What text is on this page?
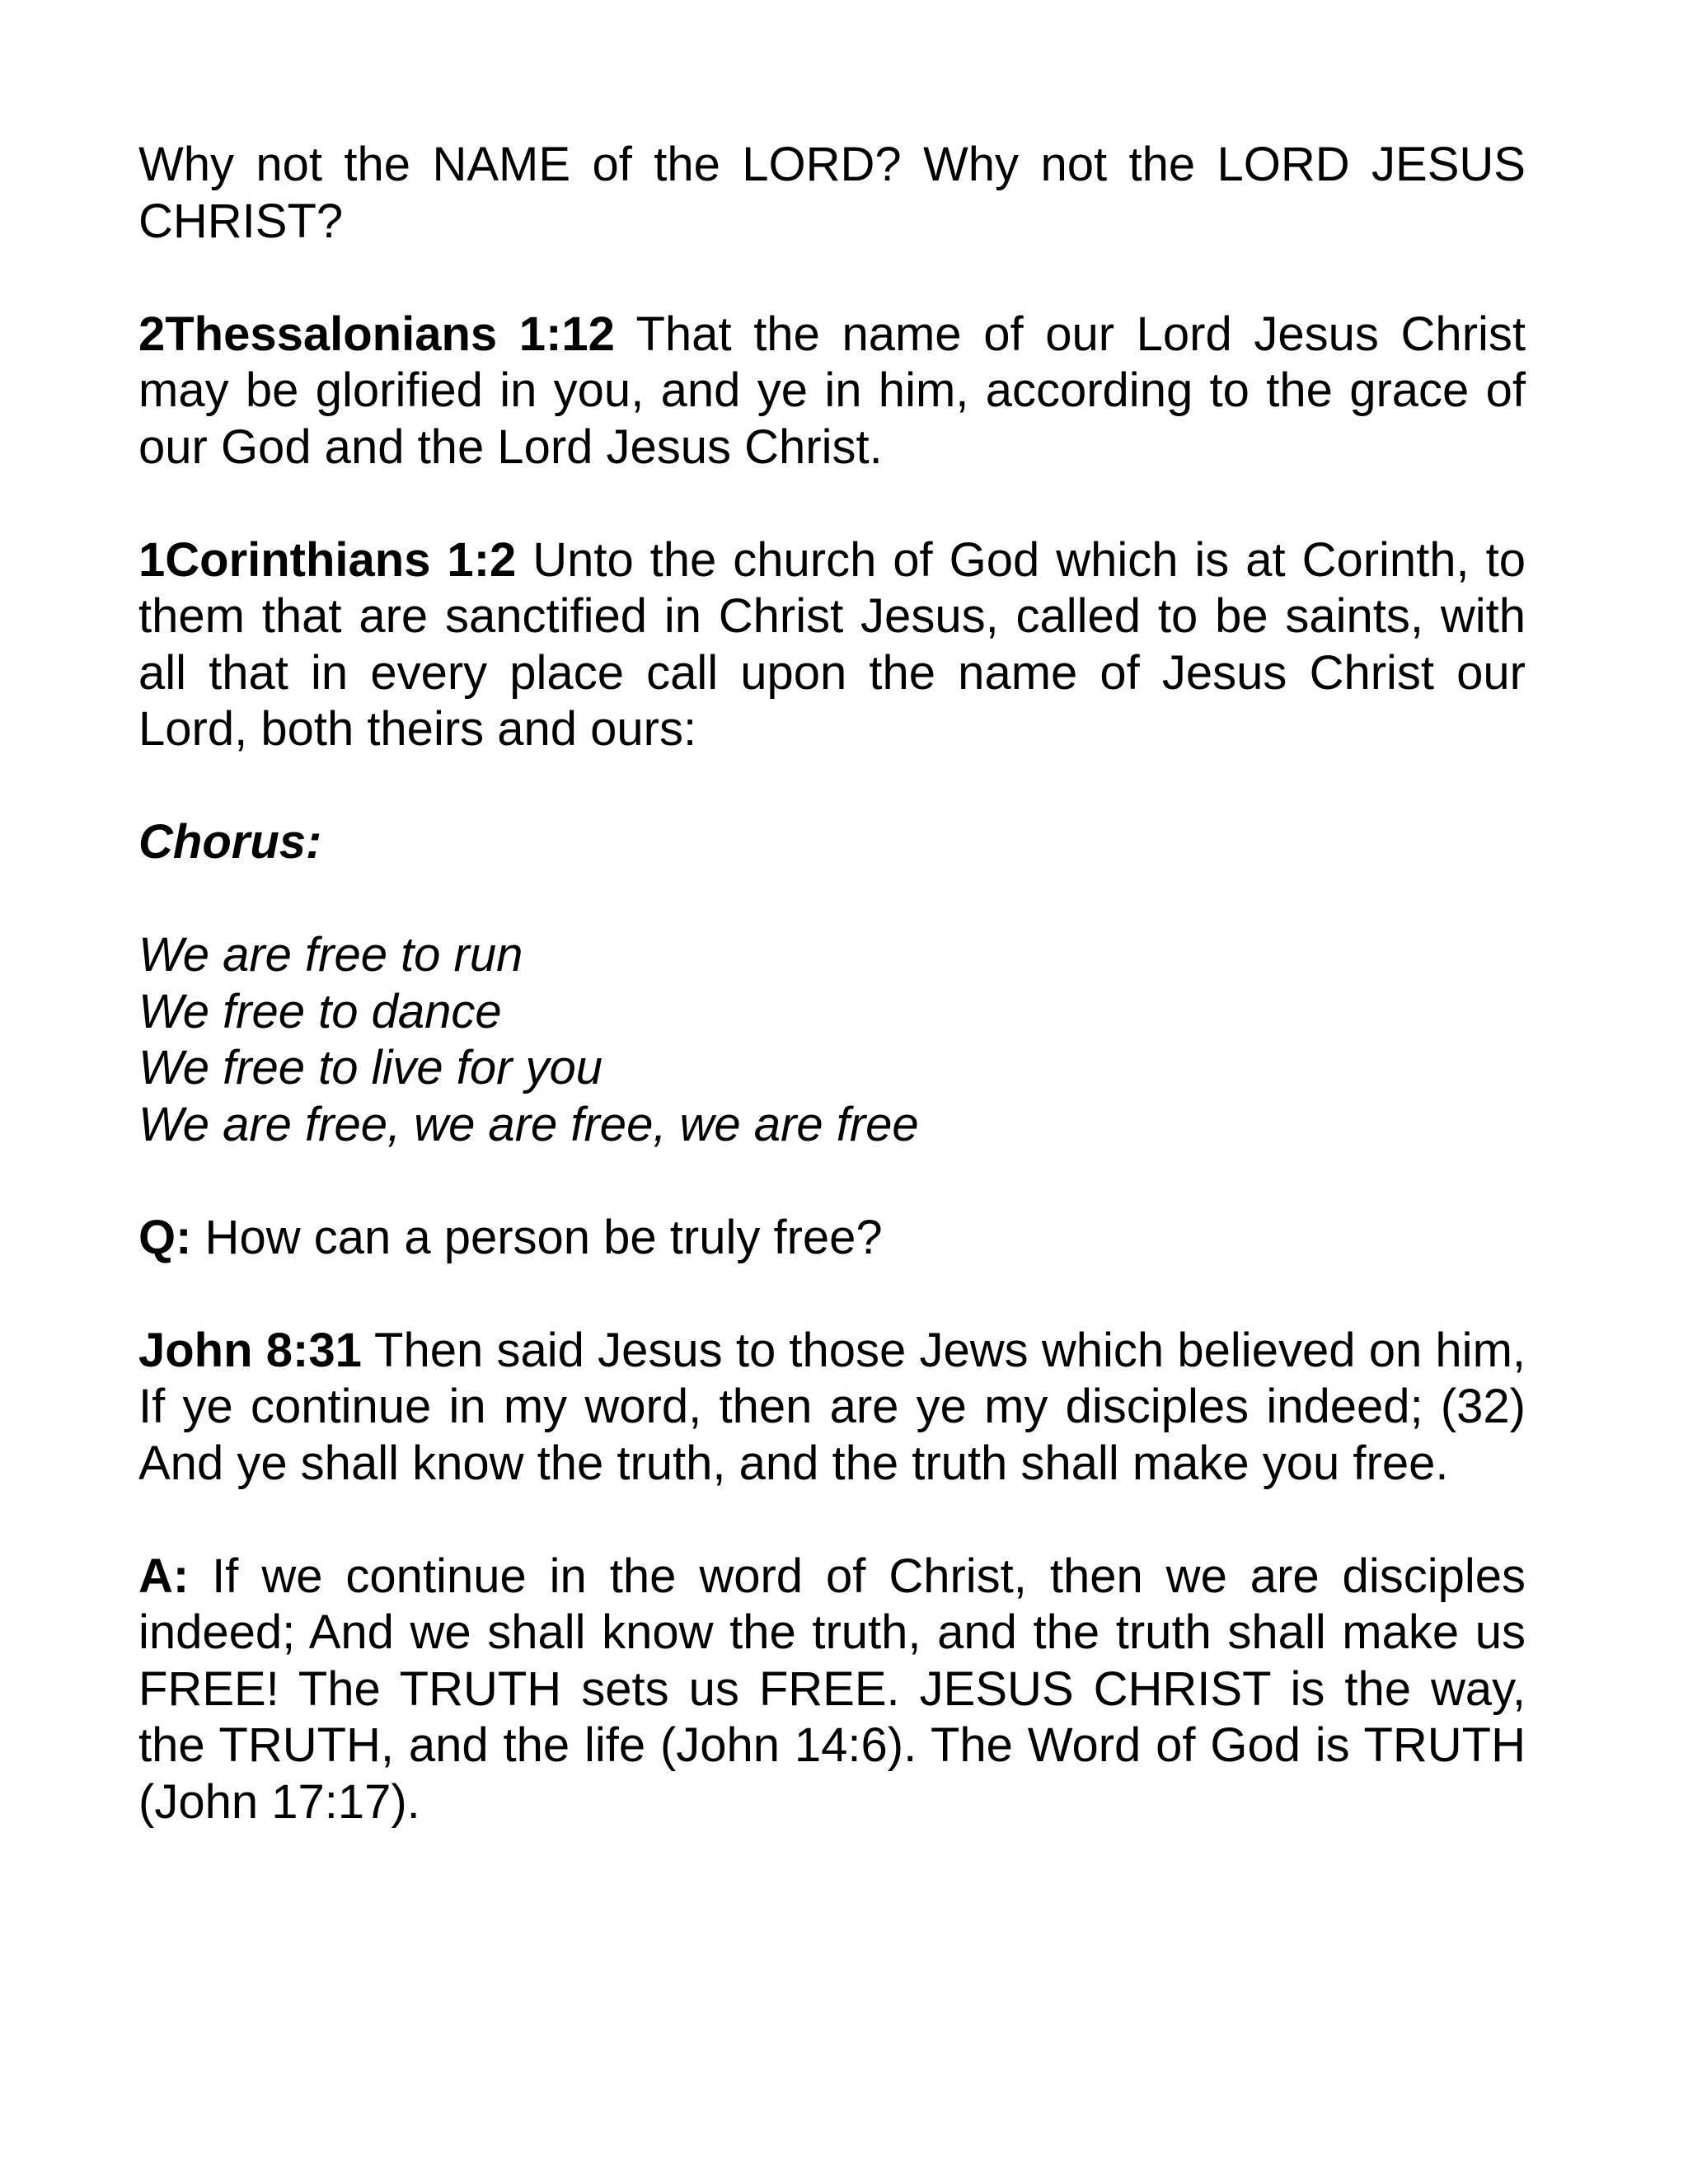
Why not the NAME of the LORD? Why not the LORD JESUS CHRIST?

2Thessalonians 1:12 That the name of our Lord Jesus Christ may be glorified in you, and ye in him, according to the grace of our God and the Lord Jesus Christ.

1Corinthians 1:2 Unto the church of God which is at Corinth, to them that are sanctified in Christ Jesus, called to be saints, with all that in every place call upon the name of Jesus Christ our Lord, both theirs and ours:

Chorus:

We are free to run
We free to dance
We free to live for you
We are free, we are free, we are free

Q: How can a person be truly free?

John 8:31 Then said Jesus to those Jews which believed on him, If ye continue in my word, then are ye my disciples indeed; (32) And ye shall know the truth, and the truth shall make you free.

A: If we continue in the word of Christ, then we are disciples indeed; And we shall know the truth, and the truth shall make us FREE! The TRUTH sets us FREE. JESUS CHRIST is the way, the TRUTH, and the life (John 14:6). The Word of God is TRUTH (John 17:17).
